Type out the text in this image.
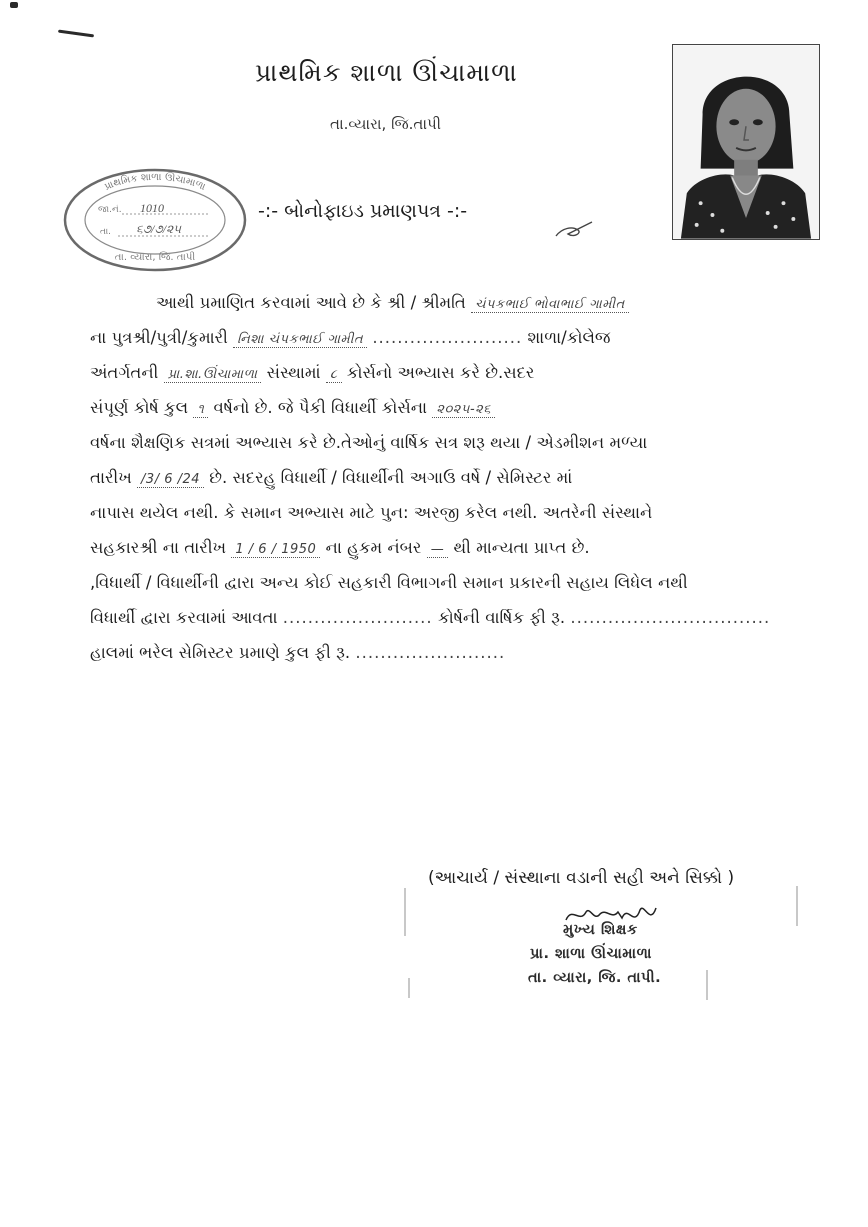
પ્રાથમિક શાળા ઊંચામાળા
તા.વ્યારા, જિ.તાપી
પ્રાથમિક શાળા ઊંચામાળા
જા.નં. 1010
તા. ૬૭/૭/૨૫
તા. વ્યારા, જિ. તાપી
-:- બોનોફાઇડ પ્રમાણપત્ર -:-
આથી પ્રમાણિત કરવામાં આવે છે કે શ્રી / શ્રીમતિ ચંપકભાઈ ભોવાભાઈ ગામીત
ના પુત્રશ્રી/પુત્રી/કુમારી નિશા ચંપકભાઈ ગામીત ........................ શાળા/કોલેજ
અંતર્ગતની પ્રા.શા.ઊંચામાળા સંસ્થામાં ૮ કોર્સનો અભ્યાસ કરે છે.સદર
સંપૂર્ણ કોર્ષ કુલ ૧ વર્ષનો છે. જે પૈકી વિધાર્થી કોર્સના ૨૦૨૫-૨૬
વર્ષના શૈક્ષણિક સત્રમાં અભ્યાસ કરે છે.તેઓનું વાર્ષિક સત્ર શરૂ થયા / એડમીશન મળ્યા
તારીખ /3/ 6 /24 છે. સદરહુ વિધાર્થી / વિધાર્થીની અગાઉ વર્ષે / સેમિસ્ટર માં
નાપાસ થયેલ નથી. કે સમાન અભ્યાસ માટે પુન: અરજી કરેલ નથી. અતરેની સંસ્થાને
સહકારશ્રી ના તારીખ 1 / 6 / 1950 ના હુકમ નંબર — થી માન્યતા પ્રાપ્ત છે.
,વિધાર્થી / વિધાર્થીની દ્વારા અન્ય કોઈ સહકારી વિભાગની સમાન પ્રકારની સહાય લિધેલ નથી
વિધાર્થી દ્વારા કરવામાં આવતા ........................ કોર્ષની વાર્ષિક ફી રૂ. ................................
હાલમાં ભરેલ સેમિસ્ટર પ્રમાણે કુલ ફી રૂ. ........................
(આચાર્ય / સંસ્થાના વડાની સહી અને સિક્કો )
મુખ્ય શિક્ષક
પ્રા. શાળા ઊંચામાળા
તા. વ્યારા, જિ. તાપી.
